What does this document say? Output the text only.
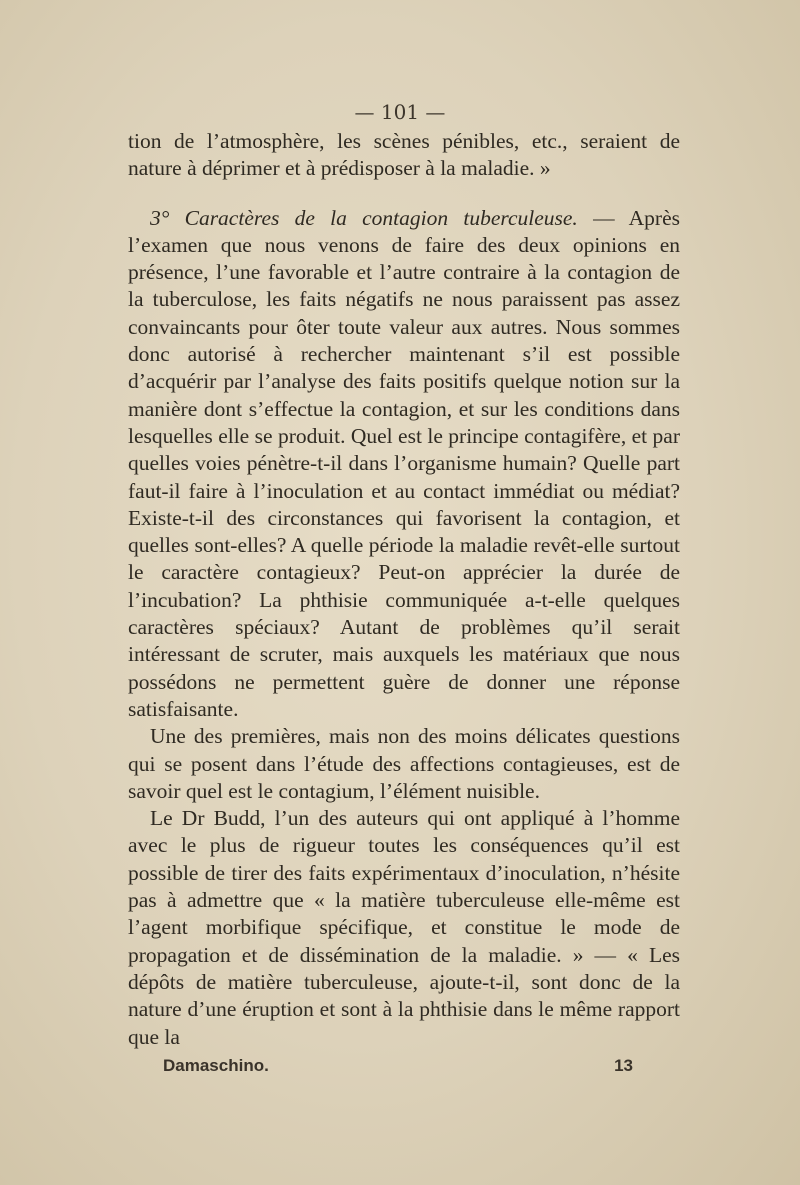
— 101 —

tion de l’atmosphère, les scènes pénibles, etc., seraient de nature à déprimer et à prédisposer à la maladie. »

3° Caractères de la contagion tuberculeuse. — Après l’examen que nous venons de faire des deux opinions en présence, l’une favorable et l’autre contraire à la contagion de la tuberculose, les faits négatifs ne nous paraissent pas assez convaincants pour ôter toute valeur aux autres. Nous sommes donc autorisé à rechercher maintenant s’il est possible d’acquérir par l’analyse des faits positifs quelque notion sur la manière dont s’effectue la contagion, et sur les conditions dans lesquelles elle se produit. Quel est le principe contagifère, et par quelles voies pénètre-t-il dans l’organisme humain? Quelle part faut-il faire à l’inoculation et au contact immédiat ou médiat? Existe-t-il des circonstances qui favorisent la contagion, et quelles sont-elles? A quelle période la maladie revêt-elle surtout le caractère contagieux? Peut-on apprécier la durée de l’incubation? La phthisie communiquée a-t-elle quelques caractères spéciaux? Autant de problèmes qu’il serait intéressant de scruter, mais auxquels les matériaux que nous possédons ne permettent guère de donner une réponse satisfaisante.

Une des premières, mais non des moins délicates questions qui se posent dans l’étude des affections contagieuses, est de savoir quel est le contagium, l’élément nuisible.

Le Dr Budd, l’un des auteurs qui ont appliqué à l’homme avec le plus de rigueur toutes les conséquences qu’il est possible de tirer des faits expérimentaux d’inoculation, n’hésite pas à admettre que « la matière tuberculeuse elle-même est l’agent morbifique spécifique, et constitue le mode de propagation et de dissémination de la maladie. » — « Les dépôts de matière tuberculeuse, ajoute-t-il, sont donc de la nature d’une éruption et sont à la phthisie dans le même rapport que la

Damaschino.	13
